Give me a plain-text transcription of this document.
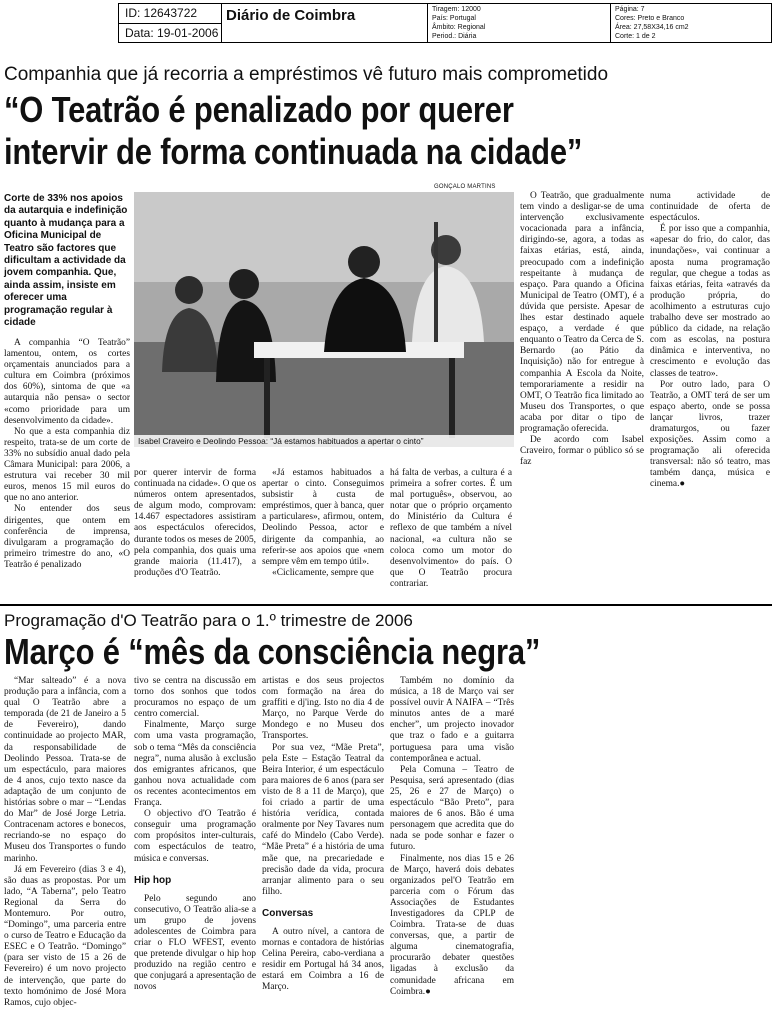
ID: 12643722
Data: 19-01-2006
Diário de Coimbra	Tiragem: 12000
País: Portugal
Âmbito: Regional
Period.: Diária
Página: 7
Cores: Preto e Branco
Área: 27,58X34,16 cm2
Corte: 1 de 2
Companhia que já recorria a empréstimos vê futuro mais comprometido
“O Teatrão é penalizado por querer
intervir de forma continuada na cidade”
Corte de 33% nos apoios da autarquia e indefinição quanto à mudança para a Oficina Municipal de Teatro são factores que dificultam a actividade da jovem companhia. Que, ainda assim, insiste em oferecer uma programação regular à cidade
GONÇALO MARTINS
Isabel Craveiro e Deolindo Pessoa: “Já estamos habituados a apertar o cinto”

A companhia “O Teatrão” lamentou, ontem, os cortes orçamentais anunciados para a cultura em Coimbra (próximos dos 60%), sintoma de que «a autarquia não pensa» o sector «como prioridade para um desenvolvimento da cidade».

No que a esta companhia diz respeito, trata-se de um corte de 33% no subsídio anual dado pela Câmara Municipal: para 2006, a estrutura vai receber 30 mil euros, menos 15 mil euros do que no ano anterior.

No entender dos seus dirigentes, que ontem em conferência de imprensa, divulgaram a programação do primeiro trimestre do ano, «O Teatrão é penalizado

por querer intervir de forma continuada na cidade». O que os números ontem apresentados, de algum modo, comprovam: 14.467 espectadores assistiram aos espectáculos oferecidos, durante todos os meses de 2005, pela companhia, dos quais uma grande maioria (11.417), a produções d'O Teatrão.

«Já estamos habituados a apertar o cinto. Conseguimos subsistir à custa de empréstimos, quer à banca, quer a particulares», afirmou, ontem, Deolindo Pessoa, actor e dirigente da companhia, ao referir-se aos apoios que «nem sempre vêm em tempo útil».

«Ciclicamente, sempre que

há falta de verbas, a cultura é a primeira a sofrer cortes. É um mal português», observou, ao notar que o próprio orçamento do Ministério da Cultura é reflexo de que também a nível nacional, «a cultura não se coloca como um motor do desenvolvimento» do país. O que O Teatrão procura contrariar.

O Teatrão, que gradualmente tem vindo a desligar-se de uma intervenção exclusivamente vocacionada para a infância, dirigindo-se, agora, a todas as faixas etárias, está, ainda, preocupado com a indefinição respeitante à mudança de espaço. Para quando a Oficina Municipal de Teatro (OMT), é a dúvida que persiste. Apesar de lhes estar destinado aquele espaço, a verdade é que enquanto o Teatro da Cerca de S. Bernardo (ao Pátio da Inquisição) não for entregue à companhia A Escola da Noite, temporariamente a residir na OMT, O Teatrão fica limitado ao Museu dos Transportes, o que acaba por ditar o tipo de programação oferecida.

De acordo com Isabel Craveiro, formar o público só se faz

numa actividade de continuidade de oferta de espectáculos.

É por isso que a companhia, «apesar do frio, do calor, das inundações», vai continuar a aposta numa programação regular, que chegue a todas as faixas etárias, feita «através da produção própria, do acolhimento a estruturas cujo trabalho deve ser mostrado ao público da cidade, na relação com as escolas, na postura dinâmica e interventiva, no crescimento e evolução das classes de teatro».

Por outro lado, para O Teatrão, a OMT terá de ser um espaço aberto, onde se possa lançar livros, trazer dramaturgos, ou fazer exposições. Assim como a programação ali oferecida transversal: não só teatro, mas também dança, música e cinema.●

Programação d'O Teatrão para o 1.º trimestre de 2006
Março é “mês da consciência negra”

“Mar salteado” é a nova produção para a infância, com a qual O Teatrão abre a temporada (de 21 de Janeiro a 5 de Fevereiro), dando continuidade ao projecto MAR, da responsabilidade de Deolindo Pessoa. Trata-se de um espectáculo, para maiores de 4 anos, cujo texto nasce da adaptação de um conjunto de histórias sobre o mar – “Lendas do Mar” de José Jorge Letria. Contracenam actores e bonecos, recriando-se no espaço do Museu dos Transportes o fundo marinho.

Já em Fevereiro (dias 3 e 4), são duas as propostas. Por um lado, “A Taberna”, pelo Teatro Regional da Serra do Montemuro. Por outro, “Domingo”, uma parceria entre o curso de Teatro e Educação da ESEC e O Teatrão. “Domingo” (para ser visto de 15 a 26 de Fevereiro) é um novo projecto de intervenção, que parte do texto homónimo de José Mora Ramos, cujo objec-

tivo se centra na discussão em torno dos sonhos que todos procuramos no espaço de um centro comercial.

Finalmente, Março surge com uma vasta programação, sob o tema “Mês da consciência negra”, numa alusão à exclusão dos emigrantes africanos, que ganhou nova actualidade com os recentes acontecimentos em França.

O objectivo d'O Teatrão é conseguir uma programação com propósitos inter-culturais, com espectáculos de teatro, música e conversas.

Hip hop

Pelo segundo ano consecutivo, O Teatrão alia-se a um grupo de jovens adolescentes de Coimbra para criar o FLO WFEST, evento que pretende divulgar o hip hop produzido na região centro e que conjugará a apresentação de novos

artistas e dos seus projectos com formação na área do graffiti e dj'ing. Isto no dia 4 de Março, no Parque Verde do Mondego e no Museu dos Transportes.

Por sua vez, “Mãe Preta”, pela Este – Estação Teatral da Beira Interior, é um espectáculo para maiores de 6 anos (para ser visto de 8 a 11 de Março), que foi criado a partir de uma história verídica, contada oralmente por Ney Tavares num café do Mindelo (Cabo Verde). “Mãe Preta” é a história de uma mãe que, na precariedade e precisão dade da vida, procura arranjar alimento para o seu filho.

Conversas

A outro nível, a cantora de mornas e contadora de histórias Celina Pereira, cabo-verdiana a residir em Portugal há 34 anos, estará em Coimbra a 16 de Março.

Também no domínio da música, a 18 de Março vai ser possível ouvir A NAIFA – “Três minutos antes de a maré encher”, um projecto inovador que traz o fado e a guitarra portuguesa para uma visão contemporânea e actual.

Pela Comuna – Teatro de Pesquisa, será apresentado (dias 25, 26 e 27 de Março) o espectáculo “Bão Preto”, para maiores de 6 anos. Bão é uma personagem que acredita que do nada se pode sonhar e fazer o futuro.

Finalmente, nos dias 15 e 26 de Março, haverá dois debates organizados pel'O Teatrão em parceria com o Fórum das Associações de Estudantes Investigadores da CPLP de Coimbra. Trata-se de duas conversas, que, a partir de alguma cinematografia, procurarão debater questões ligadas à exclusão da comunidade africana em Coimbra.●
